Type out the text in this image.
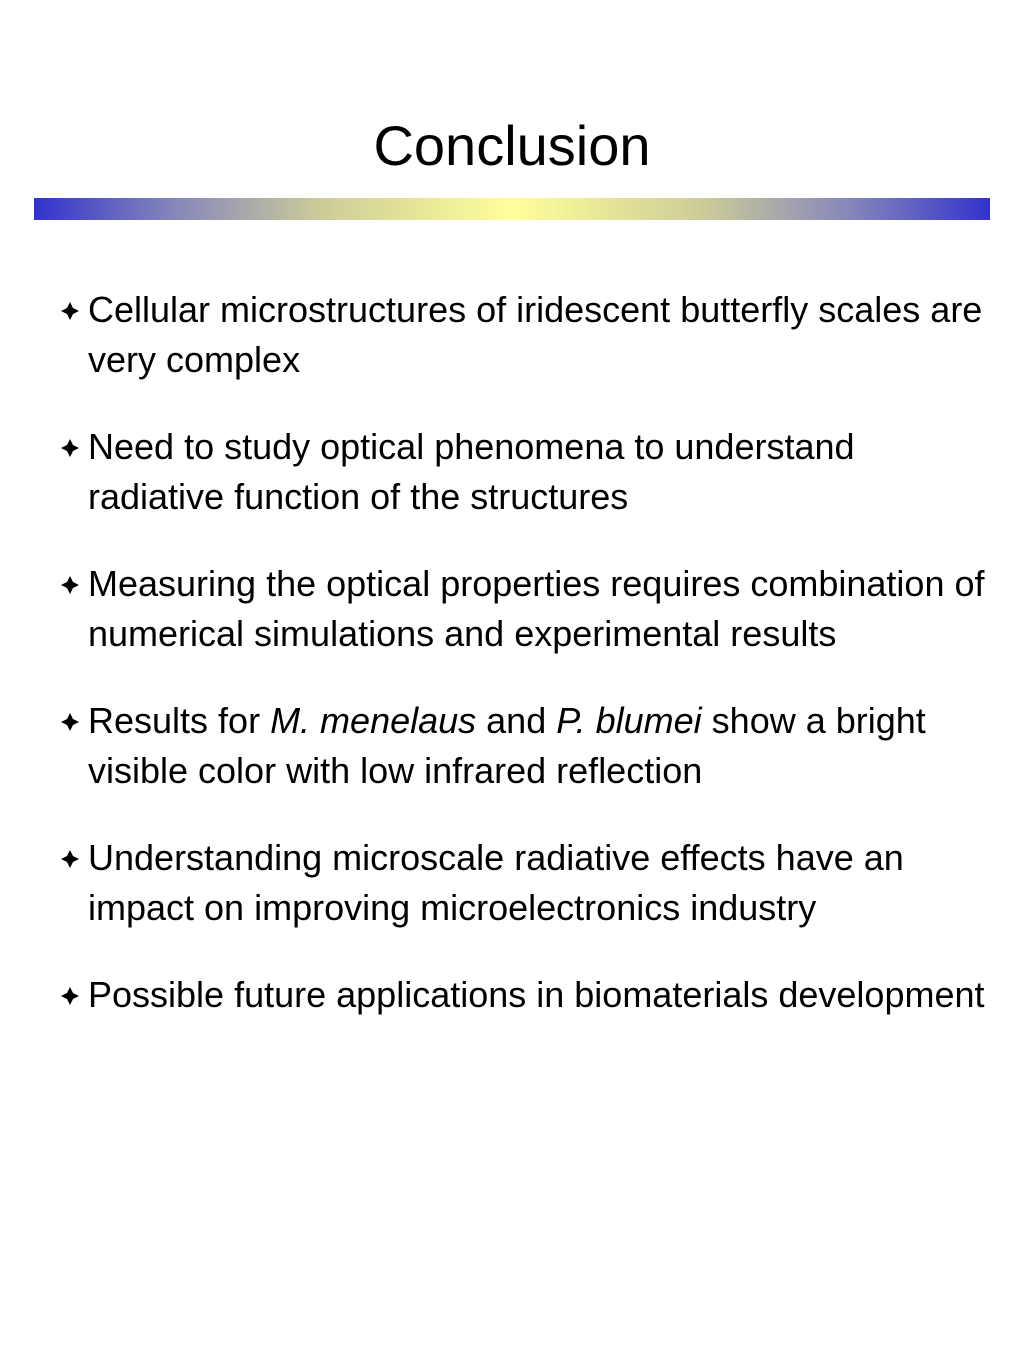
Conclusion
Cellular microstructures of iridescent butterfly scales are very complex
Need to study optical phenomena to understand radiative function of the structures
Measuring the optical properties requires combination of numerical simulations and experimental results
Results for M. menelaus and P. blumei show a bright visible color with low infrared reflection
Understanding microscale radiative effects have an impact on improving microelectronics industry
Possible future applications in biomaterials development
